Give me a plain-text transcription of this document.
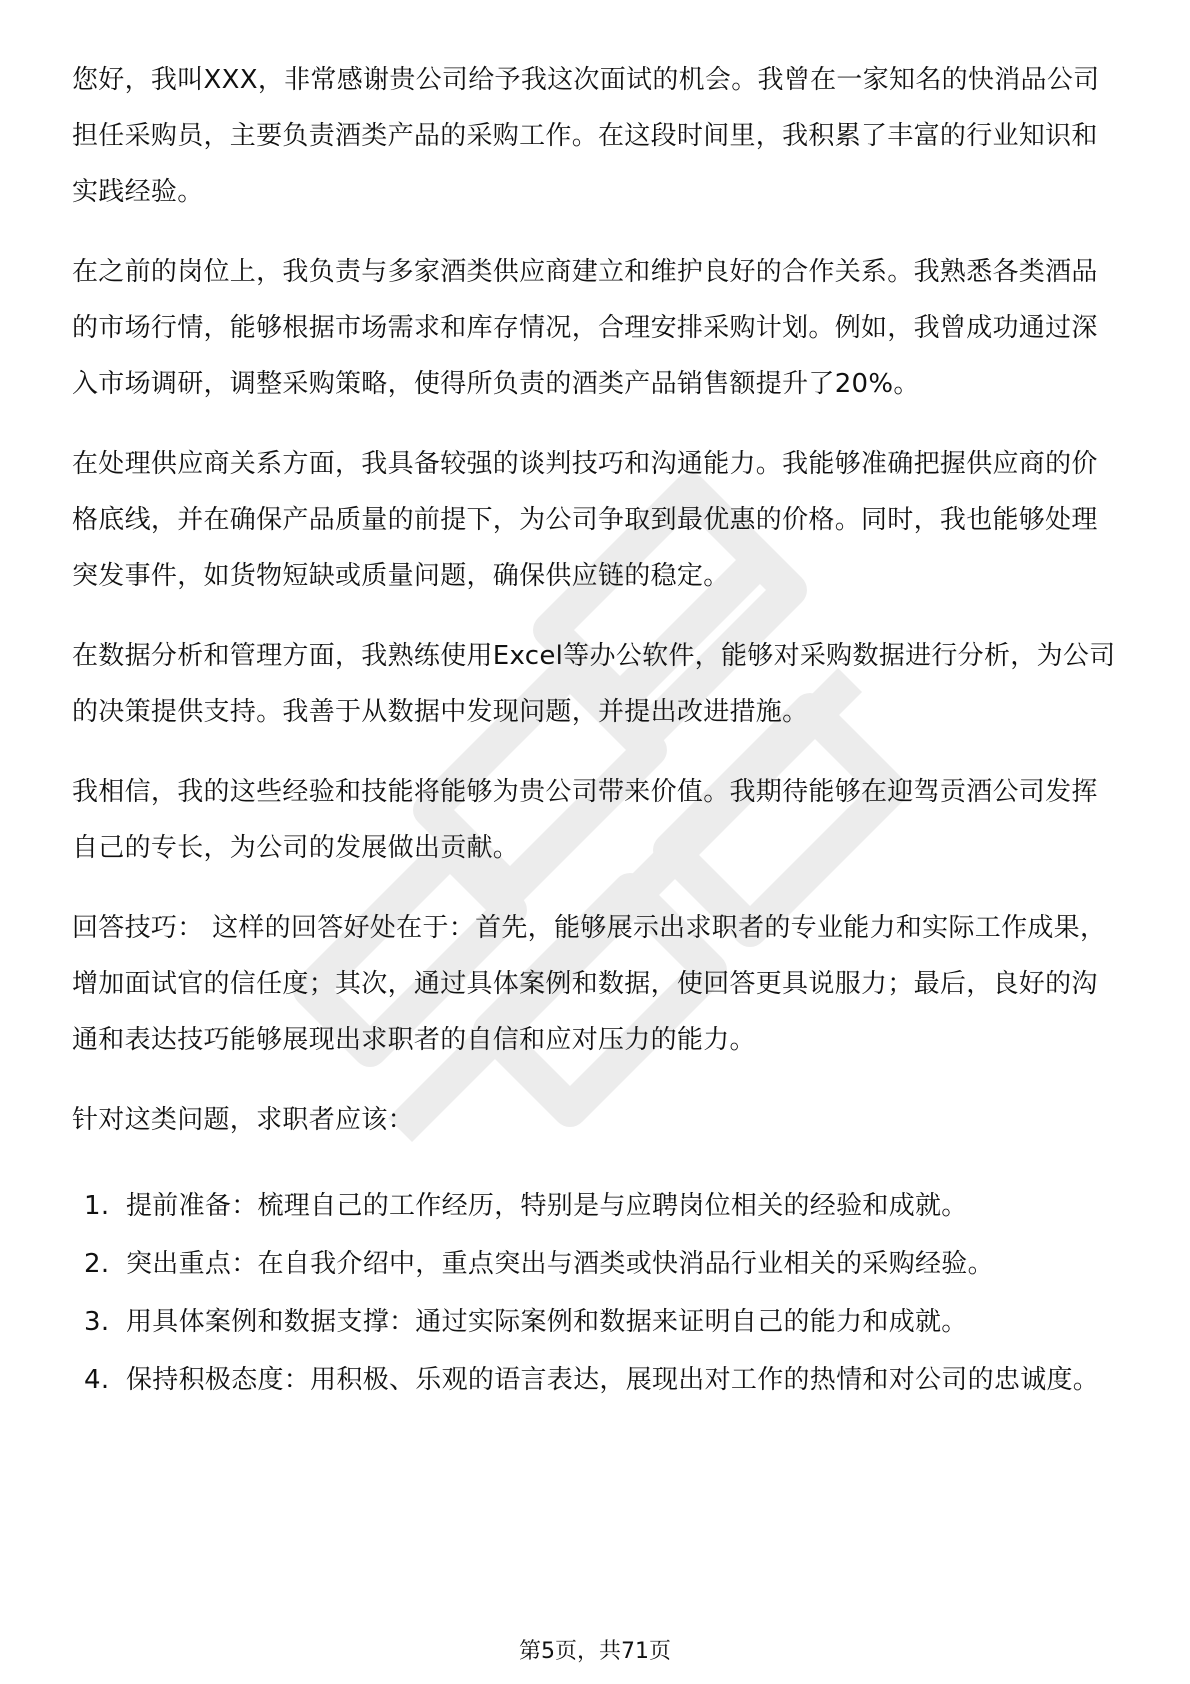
您好，我叫XXX，非常感谢贵公司给予我这次面试的机会。我曾在一家知名的快消品公司担任采购员，主要负责酒类产品的采购工作。在这段时间里，我积累了丰富的行业知识和实践经验。

在之前的岗位上，我负责与多家酒类供应商建立和维护良好的合作关系。我熟悉各类酒品的市场行情，能够根据市场需求和库存情况，合理安排采购计划。例如，我曾成功通过深入市场调研，调整采购策略，使得所负责的酒类产品销售额提升了20%。

在处理供应商关系方面，我具备较强的谈判技巧和沟通能力。我能够准确把握供应商的价格底线，并在确保产品质量的前提下，为公司争取到最优惠的价格。同时，我也能够处理突发事件，如货物短缺或质量问题，确保供应链的稳定。

在数据分析和管理方面，我熟练使用Excel等办公软件，能够对采购数据进行分析，为公司的决策提供支持。我善于从数据中发现问题，并提出改进措施。

我相信，我的这些经验和技能将能够为贵公司带来价值。我期待能够在迎驾贡酒公司发挥自己的专长，为公司的发展做出贡献。

回答技巧： 这样的回答好处在于：首先，能够展示出求职者的专业能力和实际工作成果，增加面试官的信任度；其次，通过具体案例和数据，使回答更具说服力；最后，良好的沟通和表达技巧能够展现出求职者的自信和应对压力的能力。

针对这类问题，求职者应该：

1. 提前准备：梳理自己的工作经历，特别是与应聘岗位相关的经验和成就。
2. 突出重点：在自我介绍中，重点突出与酒类或快消品行业相关的采购经验。
3. 用具体案例和数据支撑：通过实际案例和数据来证明自己的能力和成就。
4. 保持积极态度：用积极、乐观的语言表达，展现出对工作的热情和对公司的忠诚度。
第5页，共71页
